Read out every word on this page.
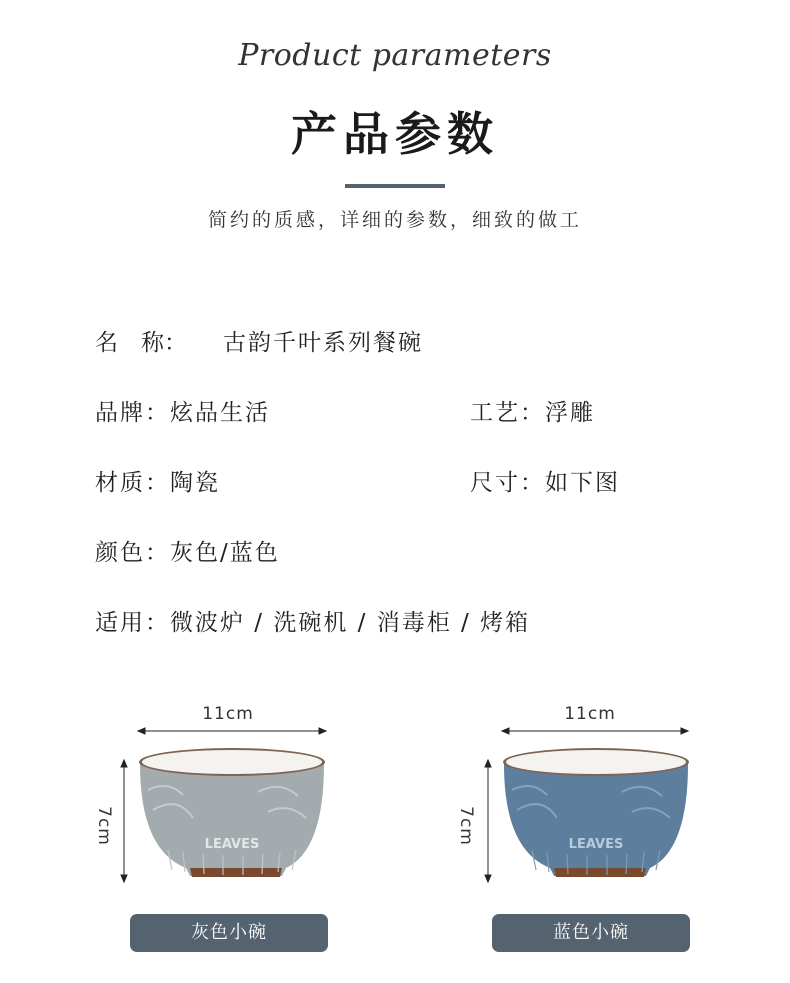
Product parameters
产品参数
简约的质感，详细的参数，细致的做工
名　称： 古韵千叶系列餐碗
品牌：炫品生活	工艺：浮雕
材质：陶瓷	尺寸：如下图
颜色：灰色/蓝色
适用：微波炉 / 洗碗机 / 消毒柜 / 烤箱
LEAVES
11cm
7cm
灰色小碗
LEAVES
11cm
7cm
蓝色小碗
